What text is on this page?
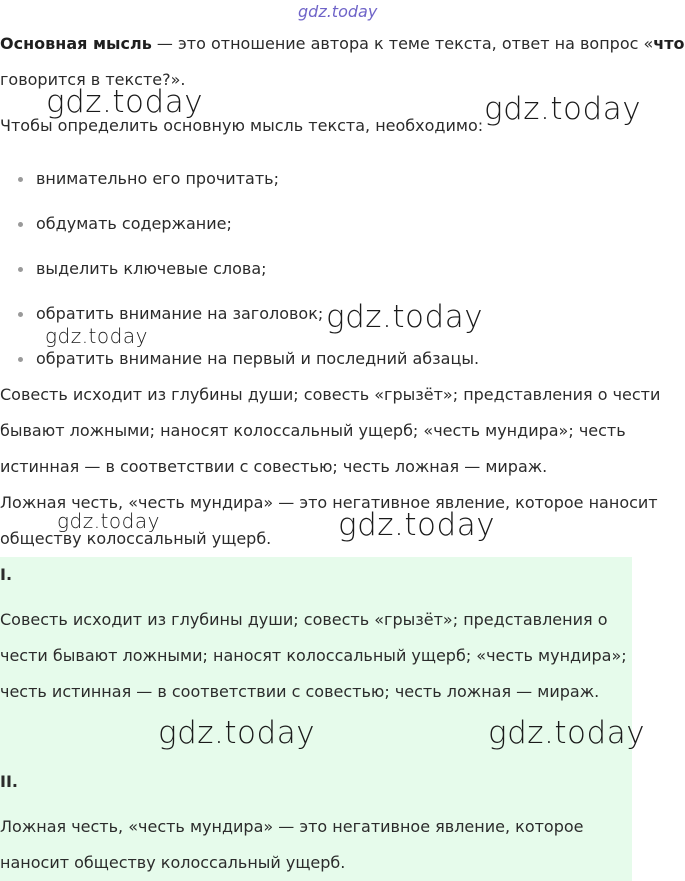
gdz.today

Основная мысль — это отношение автора к теме текста, ответ на вопрос «что

говорится в тексте?».

Чтобы определить основную мысль текста, необходимо:

внимательно его прочитать;
обдумать содержание;
выделить ключевые слова;
обратить внимание на заголовок;
обратить внимание на первый и последний абзацы.

Совесть исходит из глубины души; совесть «грызёт»; представления о чести

бывают ложными; наносят колоссальный ущерб; «честь мундира»; честь

истинная — в соответствии с совестью; честь ложная — мираж.

Ложная честь, «честь мундира» — это негативное явление, которое наносит

обществу колоссальный ущерб.

I.

Совесть исходит из глубины души; совесть «грызёт»; представления о

чести бывают ложными; наносят колоссальный ущерб; «честь мундира»;

честь истинная — в соответствии с совестью; честь ложная — мираж.

II.

Ложная честь, «честь мундира» — это негативное явление, которое

наносит обществу колоссальный ущерб.

gdz.today	gdz.today
gdz.today
gdz.today
gdz.today	gdz.today
gdz.today	gdz.today
